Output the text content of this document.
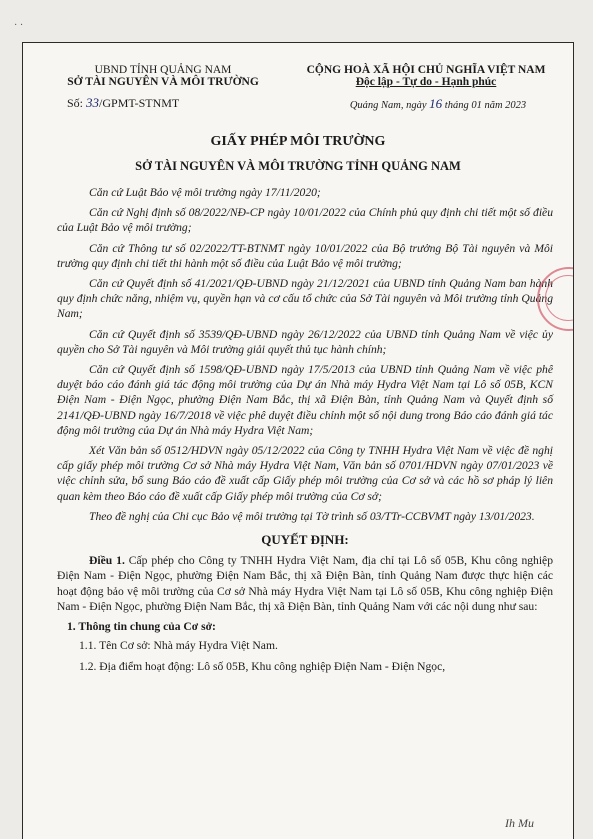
· ·
UBND TỈNH QUẢNG NAM
SỞ TÀI NGUYÊN VÀ MÔI TRƯỜNG
CỘNG HOÀ XÃ HỘI CHỦ NGHĨA VIỆT NAM
Độc lập - Tự do - Hạnh phúc
Số: 33/GPMT-STNMT	Quảng Nam, ngày 16 tháng 01 năm 2023
GIẤY PHÉP MÔI TRƯỜNG
SỞ TÀI NGUYÊN VÀ MÔI TRƯỜNG TỈNH QUẢNG NAM

Căn cứ Luật Bảo vệ môi trường ngày 17/11/2020;

Căn cứ Nghị định số 08/2022/NĐ-CP ngày 10/01/2022 của Chính phủ quy định chi tiết một số điều của Luật Bảo vệ môi trường;

Căn cứ Thông tư số 02/2022/TT-BTNMT ngày 10/01/2022 của Bộ trưởng Bộ Tài nguyên và Môi trường quy định chi tiết thi hành một số điều của Luật Bảo vệ môi trường;

Căn cứ Quyết định số 41/2021/QĐ-UBND ngày 21/12/2021 của UBND tỉnh Quảng Nam ban hành quy định chức năng, nhiệm vụ, quyền hạn và cơ cấu tổ chức của Sở Tài nguyên và Môi trường tỉnh Quảng Nam;

Căn cứ Quyết định số 3539/QĐ-UBND ngày 26/12/2022 của UBND tỉnh Quảng Nam về việc ủy quyền cho Sở Tài nguyên và Môi trường giải quyết thủ tục hành chính;

Căn cứ Quyết định số 1598/QĐ-UBND ngày 17/5/2013 của UBND tỉnh Quảng Nam về việc phê duyệt báo cáo đánh giá tác động môi trường của Dự án Nhà máy Hydra Việt Nam tại Lô số 05B, KCN Điện Nam - Điện Ngọc, phường Điện Nam Bắc, thị xã Điện Bàn, tỉnh Quảng Nam và Quyết định số 2141/QĐ-UBND ngày 16/7/2018 về việc phê duyệt điều chỉnh một số nội dung trong Báo cáo đánh giá tác động môi trường của Dự án Nhà máy Hydra Việt Nam;

Xét Văn bản số 0512/HDVN ngày 05/12/2022 của Công ty TNHH Hydra Việt Nam về việc đề nghị cấp giấy phép môi trường Cơ sở Nhà máy Hydra Việt Nam, Văn bản số 0701/HDVN ngày 07/01/2023 về việc chỉnh sửa, bổ sung Báo cáo đề xuất cấp Giấy phép môi trường của Cơ sở và các hồ sơ pháp lý liên quan kèm theo Báo cáo đề xuất cấp Giấy phép môi trường của Cơ sở;

Theo đề nghị của Chi cục Bảo vệ môi trường tại Tờ trình số 03/TTr-CCBVMT ngày 13/01/2023.

QUYẾT ĐỊNH:

Điều 1. Cấp phép cho Công ty TNHH Hydra Việt Nam, địa chỉ tại Lô số 05B, Khu công nghiệp Điện Nam - Điện Ngọc, phường Điện Nam Bắc, thị xã Điện Bàn, tỉnh Quảng Nam được thực hiện các hoạt động bảo vệ môi trường của Cơ sở Nhà máy Hydra Việt Nam tại Lô số 05B, Khu công nghiệp Điện Nam - Điện Ngọc, phường Điện Nam Bắc, thị xã Điện Bàn, tỉnh Quảng Nam với các nội dung như sau:

1. Thông tin chung của Cơ sở:

1.1. Tên Cơ sở: Nhà máy Hydra Việt Nam.

1.2. Địa điểm hoạt động: Lô số 05B, Khu công nghiệp Điện Nam - Điện Ngọc,

Ih Mu
